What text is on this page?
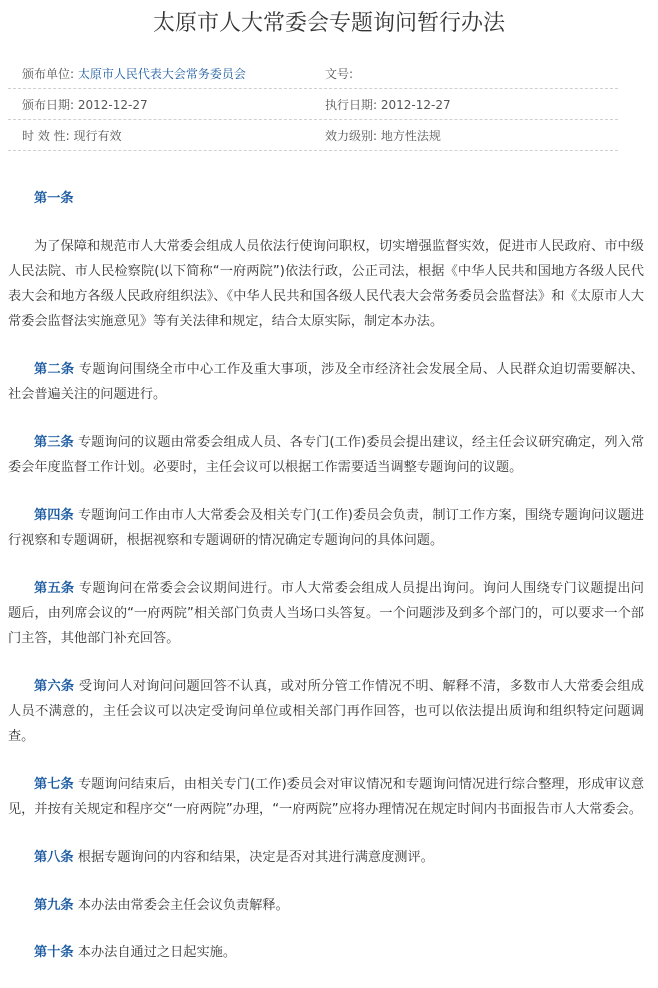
太原市人大常委会专题询问暂行办法
颁布单位: 太原市人民代表大会常务委员会	文号:
颁布日期: 2012-12-27	执行日期: 2012-12-27
时 效 性: 现行有效	效力级别: 地方性法规

第一条

为了保障和规范市人大常委会组成人员依法行使询问职权，切实增强监督实效，促进市人民政府、市中级人民法院、市人民检察院(以下简称“一府两院”)依法行政，公正司法，根据《中华人民共和国地方各级人民代表大会和地方各级人民政府组织法》、《中华人民共和国各级人民代表大会常务委员会监督法》和《太原市人大常委会监督法实施意见》等有关法律和规定，结合太原实际，制定本办法。

第二条 专题询问围绕全市中心工作及重大事项，涉及全市经济社会发展全局、人民群众迫切需要解决、社会普遍关注的问题进行。

第三条 专题询问的议题由常委会组成人员、各专门(工作)委员会提出建议，经主任会议研究确定，列入常委会年度监督工作计划。必要时，主任会议可以根据工作需要适当调整专题询问的议题。

第四条 专题询问工作由市人大常委会及相关专门(工作)委员会负责，制订工作方案，围绕专题询问议题进行视察和专题调研，根据视察和专题调研的情况确定专题询问的具体问题。

第五条 专题询问在常委会会议期间进行。市人大常委会组成人员提出询问。询问人围绕专门议题提出问题后，由列席会议的“一府两院”相关部门负责人当场口头答复。一个问题涉及到多个部门的，可以要求一个部门主答，其他部门补充回答。

第六条 受询问人对询问问题回答不认真，或对所分管工作情况不明、解释不清，多数市人大常委会组成人员不满意的，主任会议可以决定受询问单位或相关部门再作回答，也可以依法提出质询和组织特定问题调查。

第七条 专题询问结束后，由相关专门(工作)委员会对审议情况和专题询问情况进行综合整理，形成审议意见，并按有关规定和程序交“一府两院”办理，“一府两院”应将办理情况在规定时间内书面报告市人大常委会。

第八条 根据专题询问的内容和结果，决定是否对其进行满意度测评。

第九条 本办法由常委会主任会议负责解释。

第十条 本办法自通过之日起实施。
